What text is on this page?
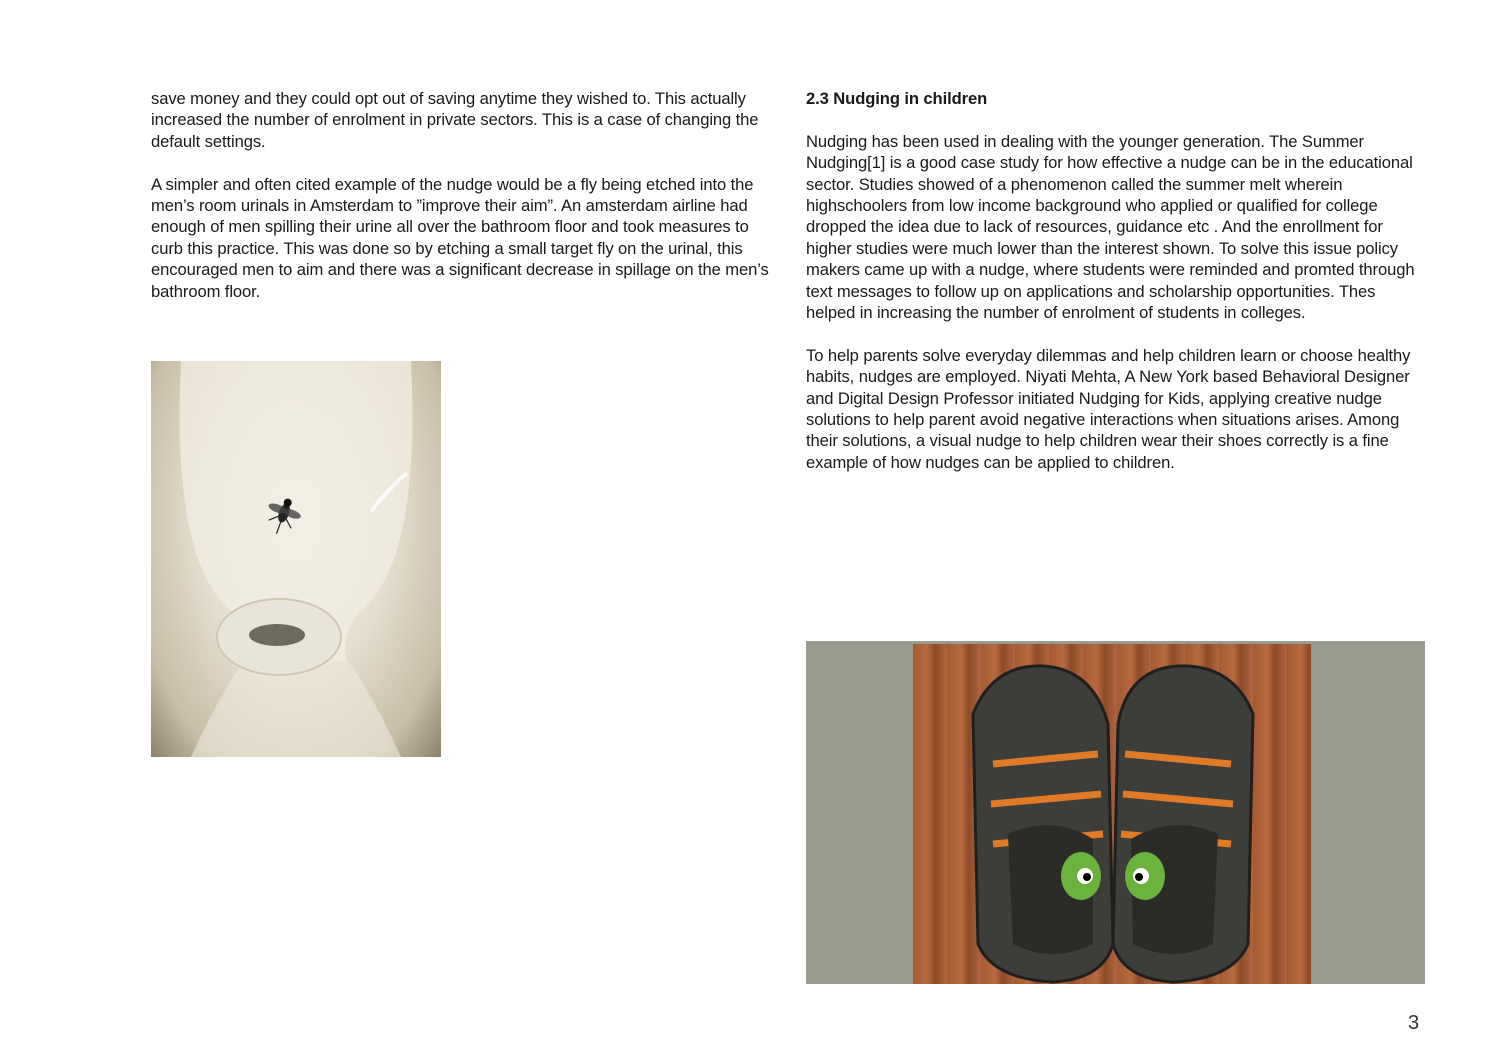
save money and they could opt out of saving anytime they wished to. This actually increased the number of enrolment in private sectors. This is a case of changing the default settings.

A simpler and often cited example of the nudge would be a fly being etched into the men’s room urinals in Amsterdam to ”improve their aim”. An amsterdam airline had enough of men spilling their urine all over the bathroom floor and took measures to curb this practice. This was done so by etching a small target fly on the urinal, this encouraged men to aim and there was a significant decrease in spillage on the men’s bathroom floor.

2.3 Nudging in children

Nudging has been used in dealing with the younger generation. The Summer Nudging[1] is a good case study for how effective a nudge can be in the educational sector. Studies showed of a phenomenon called the summer melt wherein highschoolers from low income background who applied or qualified for college dropped the idea due to lack of resources, guidance etc . And the enrollment for higher studies were much lower than the interest shown. To solve this issue policy makers came up with a nudge, where students were reminded and promted through text messages to follow up on applications and scholarship opportunities. Thes helped in increasing the number of enrolment of students in colleges.

To help parents solve everyday dilemmas and help children learn or choose healthy habits, nudges are employed. Niyati Mehta, A New York based Behavioral Designer and Digital Design Professor initiated Nudging for Kids, applying creative nudge solutions to help parent avoid negative interactions when situations arises. Among their solutions, a visual nudge to help children wear their shoes correctly is a fine example of how nudges can be applied to children.

3
